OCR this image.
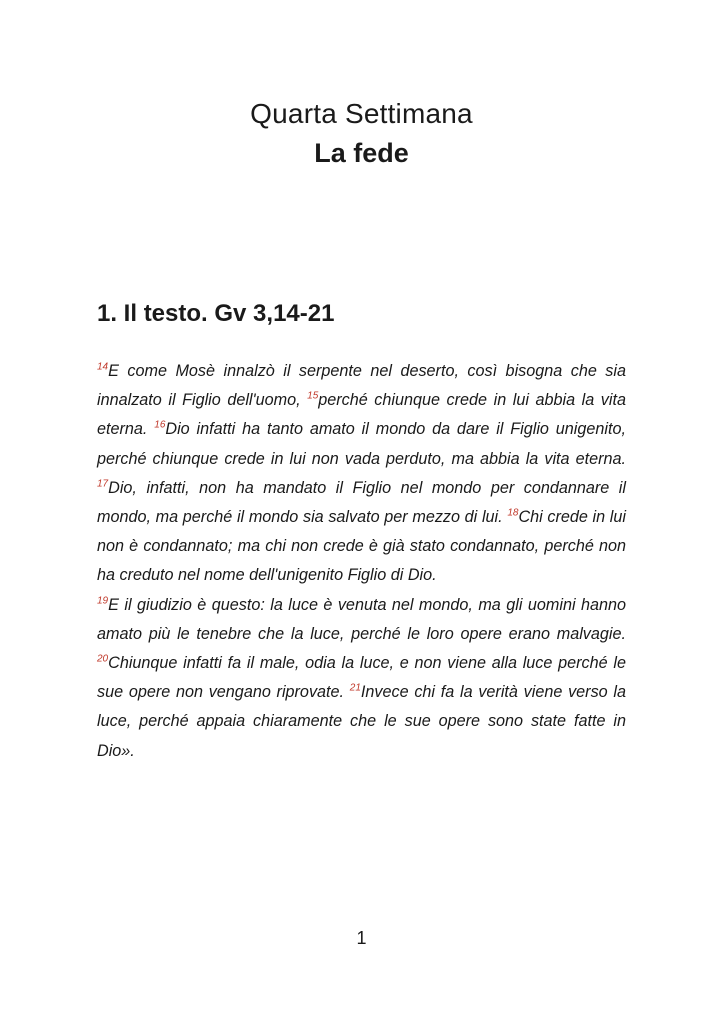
Quarta Settimana
La fede
1. Il testo. Gv 3,14-21

$^{14}$E come Mosè innalzò il serpente nel deserto, così bisogna che sia innalzato il Figlio dell'uomo, $^{15}$perché chiunque crede in lui abbia la vita eterna. $^{16}$Dio infatti ha tanto amato il mondo da dare il Figlio unigenito, perché chiunque crede in lui non vada perduto, ma abbia la vita eterna. $^{17}$Dio, infatti, non ha mandato il Figlio nel mondo per condannare il mondo, ma perché il mondo sia salvato per mezzo di lui. $^{18}$Chi crede in lui non è condannato; ma chi non crede è già stato condannato, perché non ha creduto nel nome dell'unigenito Figlio di Dio.

$^{19}$E il giudizio è questo: la luce è venuta nel mondo, ma gli uomini hanno amato più le tenebre che la luce, perché le loro opere erano malvagie. $^{20}$Chiunque infatti fa il male, odia la luce, e non viene alla luce perché le sue opere non vengano riprovate. $^{21}$Invece chi fa la verità viene verso la luce, perché appaia chiaramente che le sue opere sono state fatte in Dio».

1
